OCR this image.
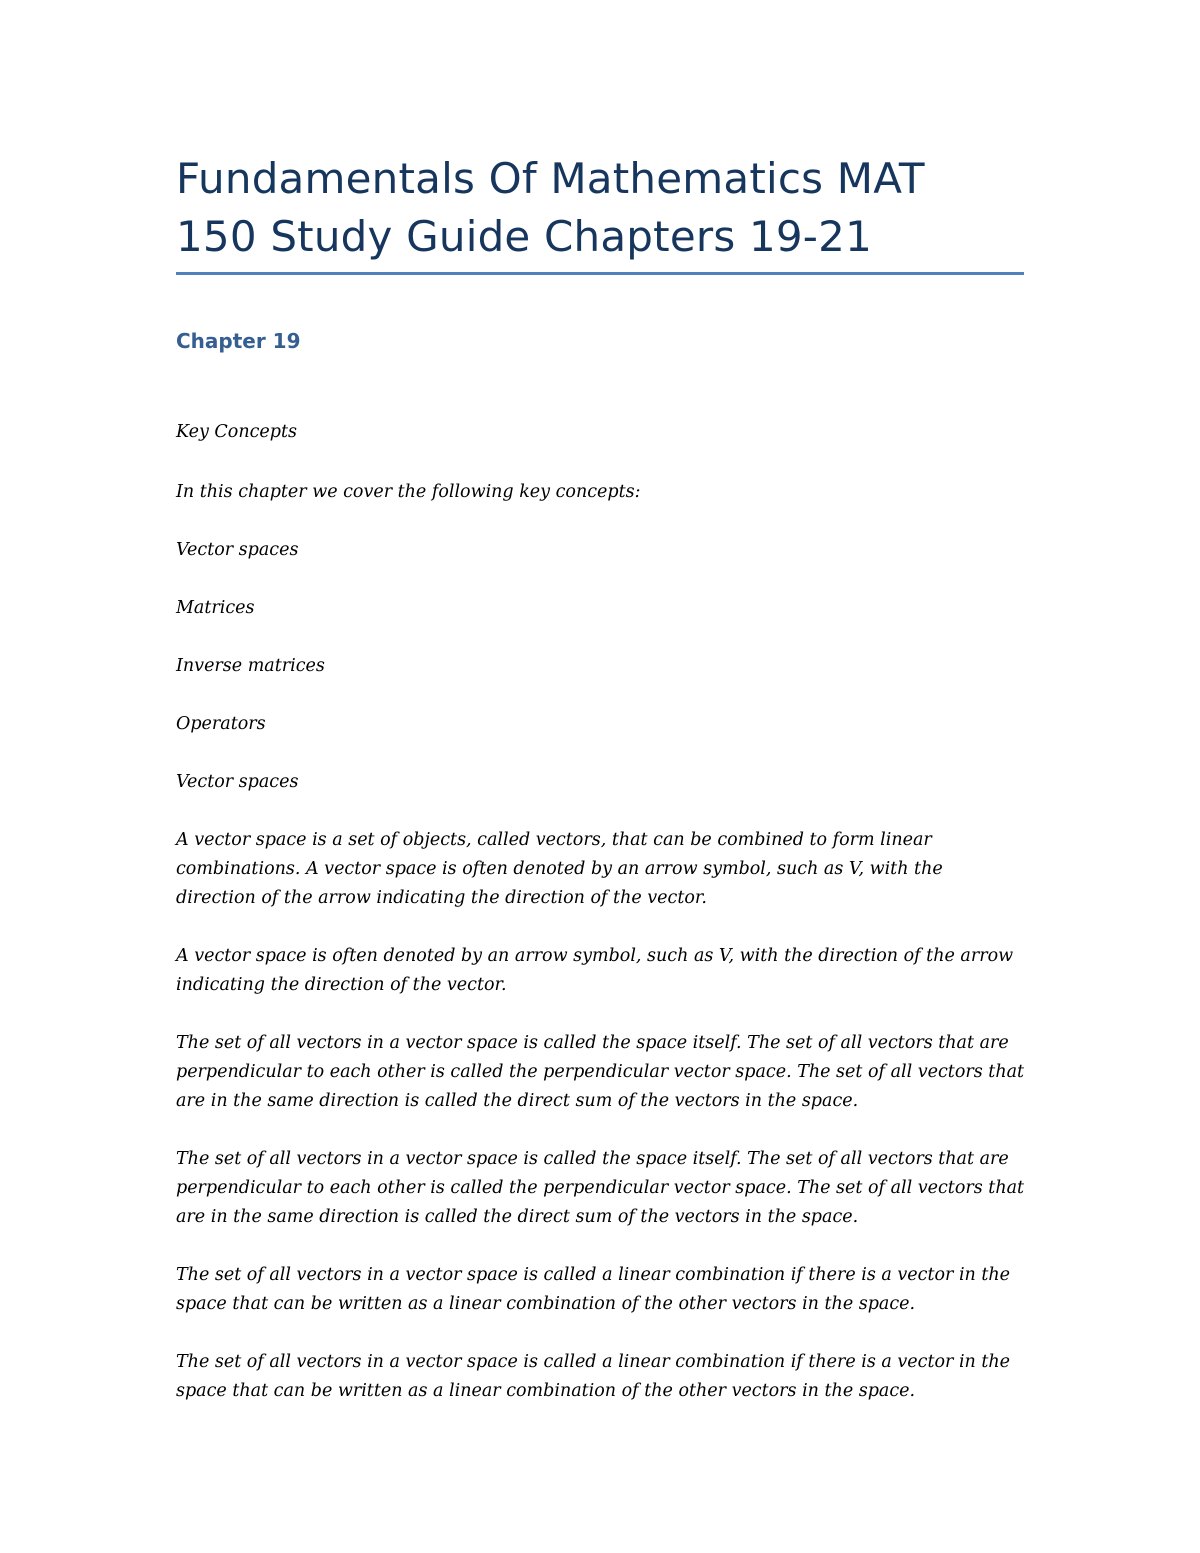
Fundamentals Of Mathematics MAT
150 Study Guide Chapters 19-21
Chapter 19

Key Concepts

In this chapter we cover the following key concepts:

Vector spaces

Matrices

Inverse matrices

Operators

Vector spaces

A vector space is a set of objects, called vectors, that can be combined to form linear combinations. A vector space is often denoted by an arrow symbol, such as V, with the direction of the arrow indicating the direction of the vector.

A vector space is often denoted by an arrow symbol, such as V, with the direction of the arrow indicating the direction of the vector.

The set of all vectors in a vector space is called the space itself. The set of all vectors that are perpendicular to each other is called the perpendicular vector space. The set of all vectors that are in the same direction is called the direct sum of the vectors in the space.

The set of all vectors in a vector space is called the space itself. The set of all vectors that are perpendicular to each other is called the perpendicular vector space. The set of all vectors that are in the same direction is called the direct sum of the vectors in the space.

The set of all vectors in a vector space is called a linear combination if there is a vector in the space that can be written as a linear combination of the other vectors in the space.

The set of all vectors in a vector space is called a linear combination if there is a vector in the space that can be written as a linear combination of the other vectors in the space.
